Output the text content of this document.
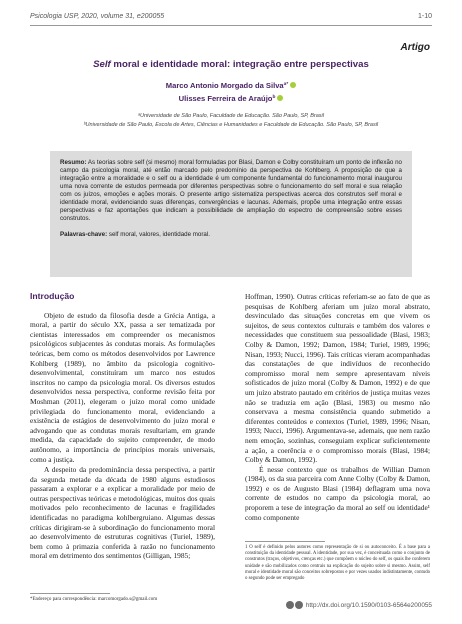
Psicologia USP, 2020, volume 31, e200055	1-10
Artigo
Self moral e identidade moral: integração entre perspectivas
Marco Antonio Morgado da Silva$^{a*}$
Ulisses Ferreira de Araújo$^b$
ᵃUniversidade de São Paulo, Faculdade de Educação. São Paulo, SP, Brasil
ᵇUniversidade de São Paulo, Escola de Artes, Ciências e Humanidades e Faculdade de Educação. São Paulo, SP, Brasil
Resumo: As teorias sobre self (si mesmo) moral formuladas por Blasi, Damon e Colby constituíram um ponto de inflexão no campo da psicologia moral, até então marcado pelo predomínio da perspectiva de Kohlberg. A proposição de que a integração entre a moralidade e o self ou a identidade é um componente fundamental do funcionamento moral inaugurou uma nova corrente de estudos permeada por diferentes perspectivas sobre o funcionamento do self moral e sua relação com os juízos, emoções e ações morais. O presente artigo sistematiza perspectivas acerca dos construtos self moral e identidade moral, evidenciando suas diferenças, convergências e lacunas. Ademais, propõe uma integração entre essas perspectivas e faz apontações que indicam a possibilidade de ampliação do espectro de compreensão sobre esses construtos.
Palavras-chave: self moral, valores, identidade moral.
Introdução
Objeto de estudo da filosofia desde a Grécia Antiga, a moral, a partir do século XX, passa a ser tematizada por cientistas interessados em compreender os mecanismos psicológicos subjacentes às condutas morais. As formulações teóricas, bem como os métodos desenvolvidos por Lawrence Kohlberg (1989), no âmbito da psicologia cognitivo-desenvolvimental, constituíram um marco nos estudos inscritos no campo da psicologia moral. Os diversos estudos desenvolvidos nessa perspectiva, conforme revisão feita por Moshman (2011), elegeram o juízo moral como unidade privilegiada do funcionamento moral, evidenciando a existência de estágios de desenvolvimento do juízo moral e advogando que as condutas morais resultariam, em grande medida, da capacidade do sujeito compreender, de modo autônomo, a importância de princípios morais universais, como a justiça.
A despeito da predominância dessa perspectiva, a partir da segunda metade da década de 1980 alguns estudiosos passaram a explorar e a explicar a moralidade por meio de outras perspectivas teóricas e metodológicas, muitos dos quais motivados pelo reconhecimento de lacunas e fragilidades identificadas no paradigma kohlbergruiano. Algumas dessas críticas dirigiram-se à subordinação do funcionamento moral ao desenvolvimento de estruturas cognitivas (Turiel, 1989), bem como à primazia conferida à razão no funcionamento moral em detrimento dos sentimentos (Gilligan, 1985;
Hoffman, 1990). Outras críticas referiam-se ao fato de que as pesquisas de Kohlberg aferiam um juízo moral abstrato, desvinculado das situações concretas em que vivem os sujeitos, de seus contextos culturais e também dos valores e necessidades que constituem sua pessoalidade (Blasi, 1983; Colby & Damon, 1992; Damon, 1984; Turiel, 1989, 1996; Nisan, 1993; Nucci, 1996). Tais críticas vieram acompanhadas das constatações de que indivíduos de reconhecido compromisso moral nem sempre apresentavam níveis sofisticados de juízo moral (Colby & Damon, 1992) e de que um juízo abstrato pautado em critérios de justiça muitas vezes não se traduzia em ação (Blasi, 1983) ou mesmo não conservava a mesma consistência quando submetido a diferentes conteúdos e contextos (Turiel, 1989, 1996; Nisan, 1993; Nucci, 1996). Argumentava-se, ademais, que nem razão nem emoção, sozinhas, conseguiam explicar suficientemente a ação, a coerência e o compromisso morais (Blasi, 1984; Colby & Damon, 1992).
É nesse contexto que os trabalhos de Willian Damon (1984), os da sua parceira com Anne Colby (Colby & Damon, 1992) e os de Augusto Blasi (1984) deflagram uma nova corrente de estudos no campo da psicologia moral, ao proporem a tese de integração da moral ao self ou identidade¹ como componente
1 O self é definido pelos autores como representação de si ou autoconceito. É a base para a constituição da identidade pessoal. A identidade, por sua vez, é conceituada como o conjunto de construtos (traços, objetivos, crenças etc.) que compõem o núcleo do self, os quais lhe conferem unidade e são mobilizados como centrais na explicação do sujeito sobre si mesmo. Assim, self moral e identidade moral são conceitos sobrepostos e por vezes usados indistintamente, contudo o segundo pode ser empregado
*Endereço para correspondência: marcomorgado.s@gmail.com
http://dx.doi.org/10.1590/0103-6564e200055
